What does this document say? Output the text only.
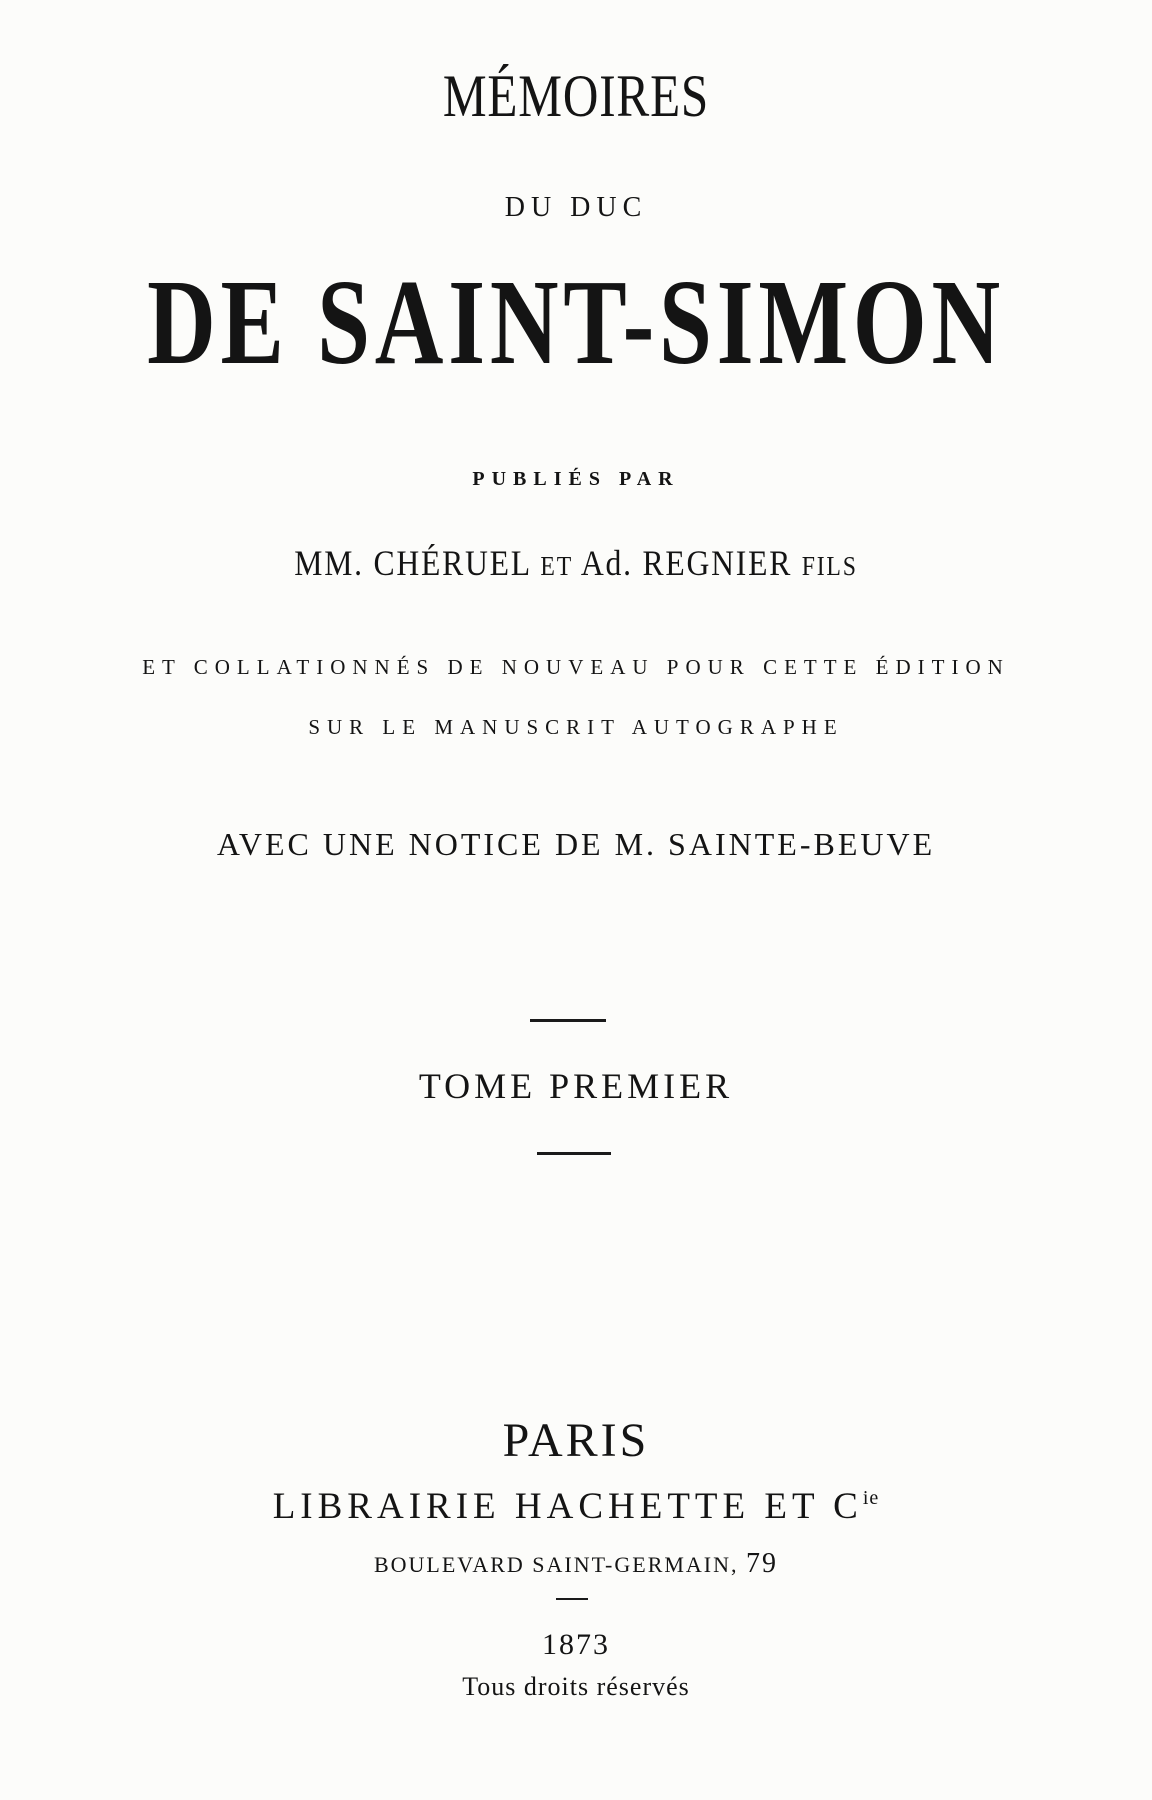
MÉMOIRES
DU DUC
DE SAINT-SIMON
PUBLIÉS PAR
MM. CHÉRUEL ET Ad. REGNIER FILS
ET COLLATIONNÉS DE NOUVEAU POUR CETTE ÉDITION
SUR LE MANUSCRIT AUTOGRAPHE
AVEC UNE NOTICE DE M. SAINTE-BEUVE
TOME PREMIER
PARIS
LIBRAIRIE HACHETTE ET $C^{ie}$
BOULEVARD SAINT-GERMAIN, 79
1873
Tous droits réservés
